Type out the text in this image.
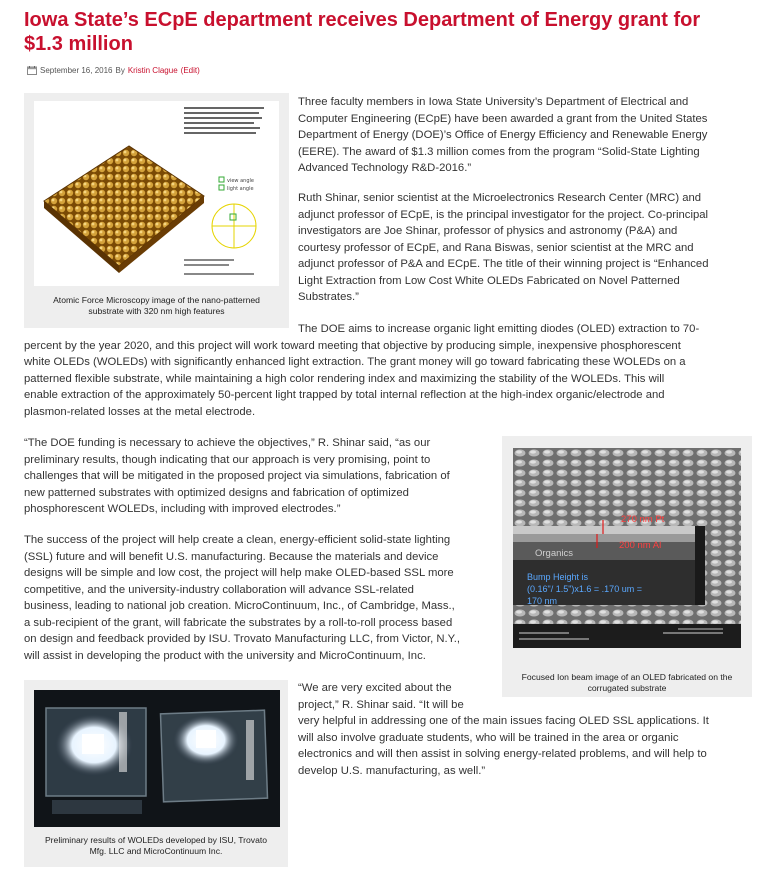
Iowa State’s ECpE department receives Department of Energy grant for
$1.3 million
September 16, 2016 By Kristin Clague (Edit)
view angle
light angle
Atomic Force Microscopy image of the nano-patterned
substrate with 320 nm high features
270 nm Pt
200 nm Al
Organics
Bump Height is
(0.16"/ 1.5")x1.6 = .170 um =
170 nm
Focused Ion beam image of an OLED fabricated on the
corrugated substrate
Preliminary results of WOLEDs developed by ISU, Trovato
Mfg. LLC and MicroContinuum Inc.
Three faculty members in Iowa State University’s Department of Electrical and
Computer Engineering (ECpE) have been awarded a grant from the United States
Department of Energy (DOE)’s Office of Energy Efficiency and Renewable Energy
(EERE). The award of $1.3 million comes from the program “Solid-State Lighting
Advanced Technology R&D-2016.”
Ruth Shinar, senior scientist at the Microelectronics Research Center (MRC) and
adjunct professor of ECpE, is the principal investigator for the project. Co-principal
investigators are Joe Shinar, professor of physics and astronomy (P&A) and
courtesy professor of ECpE, and Rana Biswas, senior scientist at the MRC and
adjunct professor of P&A and ECpE. The title of their winning project is “Enhanced
Light Extraction from Low Cost White OLEDs Fabricated on Novel Patterned
Substrates.”
The DOE aims to increase organic light emitting diodes (OLED) extraction to 70-
percent by the year 2020, and this project will work toward meeting that objective by producing simple, inexpensive phosphorescent
white OLEDs (WOLEDs) with significantly enhanced light extraction. The grant money will go toward fabricating these WOLEDs on a
patterned flexible substrate, while maintaining a high color rendering index and maximizing the stability of the WOLEDs. This will
enable extraction of the approximately 50-percent light trapped by total internal reflection at the high-index organic/electrode and
plasmon-related losses at the metal electrode.
“The DOE funding is necessary to achieve the objectives,” R. Shinar said, “as our
preliminary results, though indicating that our approach is very promising, point to
challenges that will be mitigated in the proposed project via simulations, fabrication of
new patterned substrates with optimized designs and fabrication of optimized
phosphorescent WOLEDs, including with improved electrodes.”
The success of the project will help create a clean, energy-efficient solid-state lighting
(SSL) future and will benefit U.S. manufacturing. Because the materials and device
designs will be simple and low cost, the project will help make OLED-based SSL more
competitive, and the university-industry collaboration will advance SSL-related
business, leading to national job creation. MicroContinuum, Inc., of Cambridge, Mass.,
a sub-recipient of the grant, will fabricate the substrates by a roll-to-roll process based
on design and feedback provided by ISU. Trovato Manufacturing LLC, from Victor, N.Y.,
will assist in developing the product with the university and MicroContinuum, Inc.
“We are very excited about the
project,” R. Shinar said. “It will be
very helpful in addressing one of the main issues facing OLED SSL applications. It
will also involve graduate students, who will be trained in the area or organic
electronics and will then assist in solving energy-related problems, and will help to
develop U.S. manufacturing, as well.”
